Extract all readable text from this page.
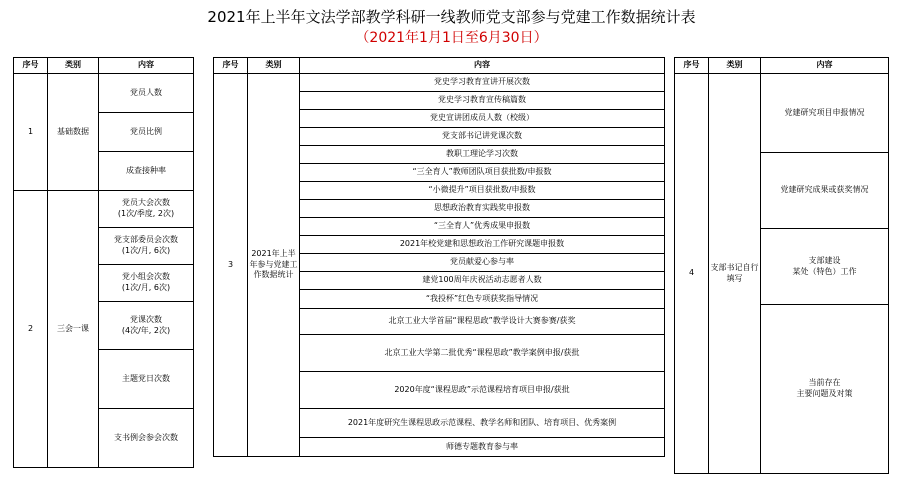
2021年上半年文法学部教学科研一线教师党支部参与党建工作数据统计表
（2021年1月1日至6月30日）
序号	类别	内容
1	基础数据	党员人数
		党员比例
		成查接种率
2	三会一课	党员大会次数
(1次/季度, 2次)
		党支部委员会次数
(1次/月, 6次)
		党小组会次数
(1次/月, 6次)
		党课次数
(4次/年, 2次)
		主题党日次数
		支书例会参会次数
序号	类别	内容
3	2021年上半年参与党建工作数据统计	党史学习教育宣讲开展次数
		党史学习教育宣传稿篇数
		党史宣讲团成员人数（校级）
		党支部书记讲党课次数
		教职工理论学习次数
		“三全育人”教师团队项目获批数/申报数
		“小微提升”项目获批数/申报数
		思想政治教育实践奖申报数
		“三全育人”优秀成果申报数
		2021年校党建和思想政治工作研究课题申报数
		党员献爱心参与率
		建党100周年庆祝活动志愿者人数
		“我投杯”红色专项获奖指导情况
		北京工业大学首届“课程思政”教学设计大赛参赛/获奖
		北京工业大学第二批优秀“课程思政”教学案例申报/获批
		2020年度“课程思政”示范课程培育项目申报/获批
		2021年度研究生课程思政示范课程、教学名师和团队、培育项目、优秀案例
		师德专题教育参与率
序号	类别	内容
4	支部书记自行填写	党建研究项目申报情况
		党建研究成果或获奖情况
		支部建设
某处（特色）工作
		当前存在
主要问题及对策
